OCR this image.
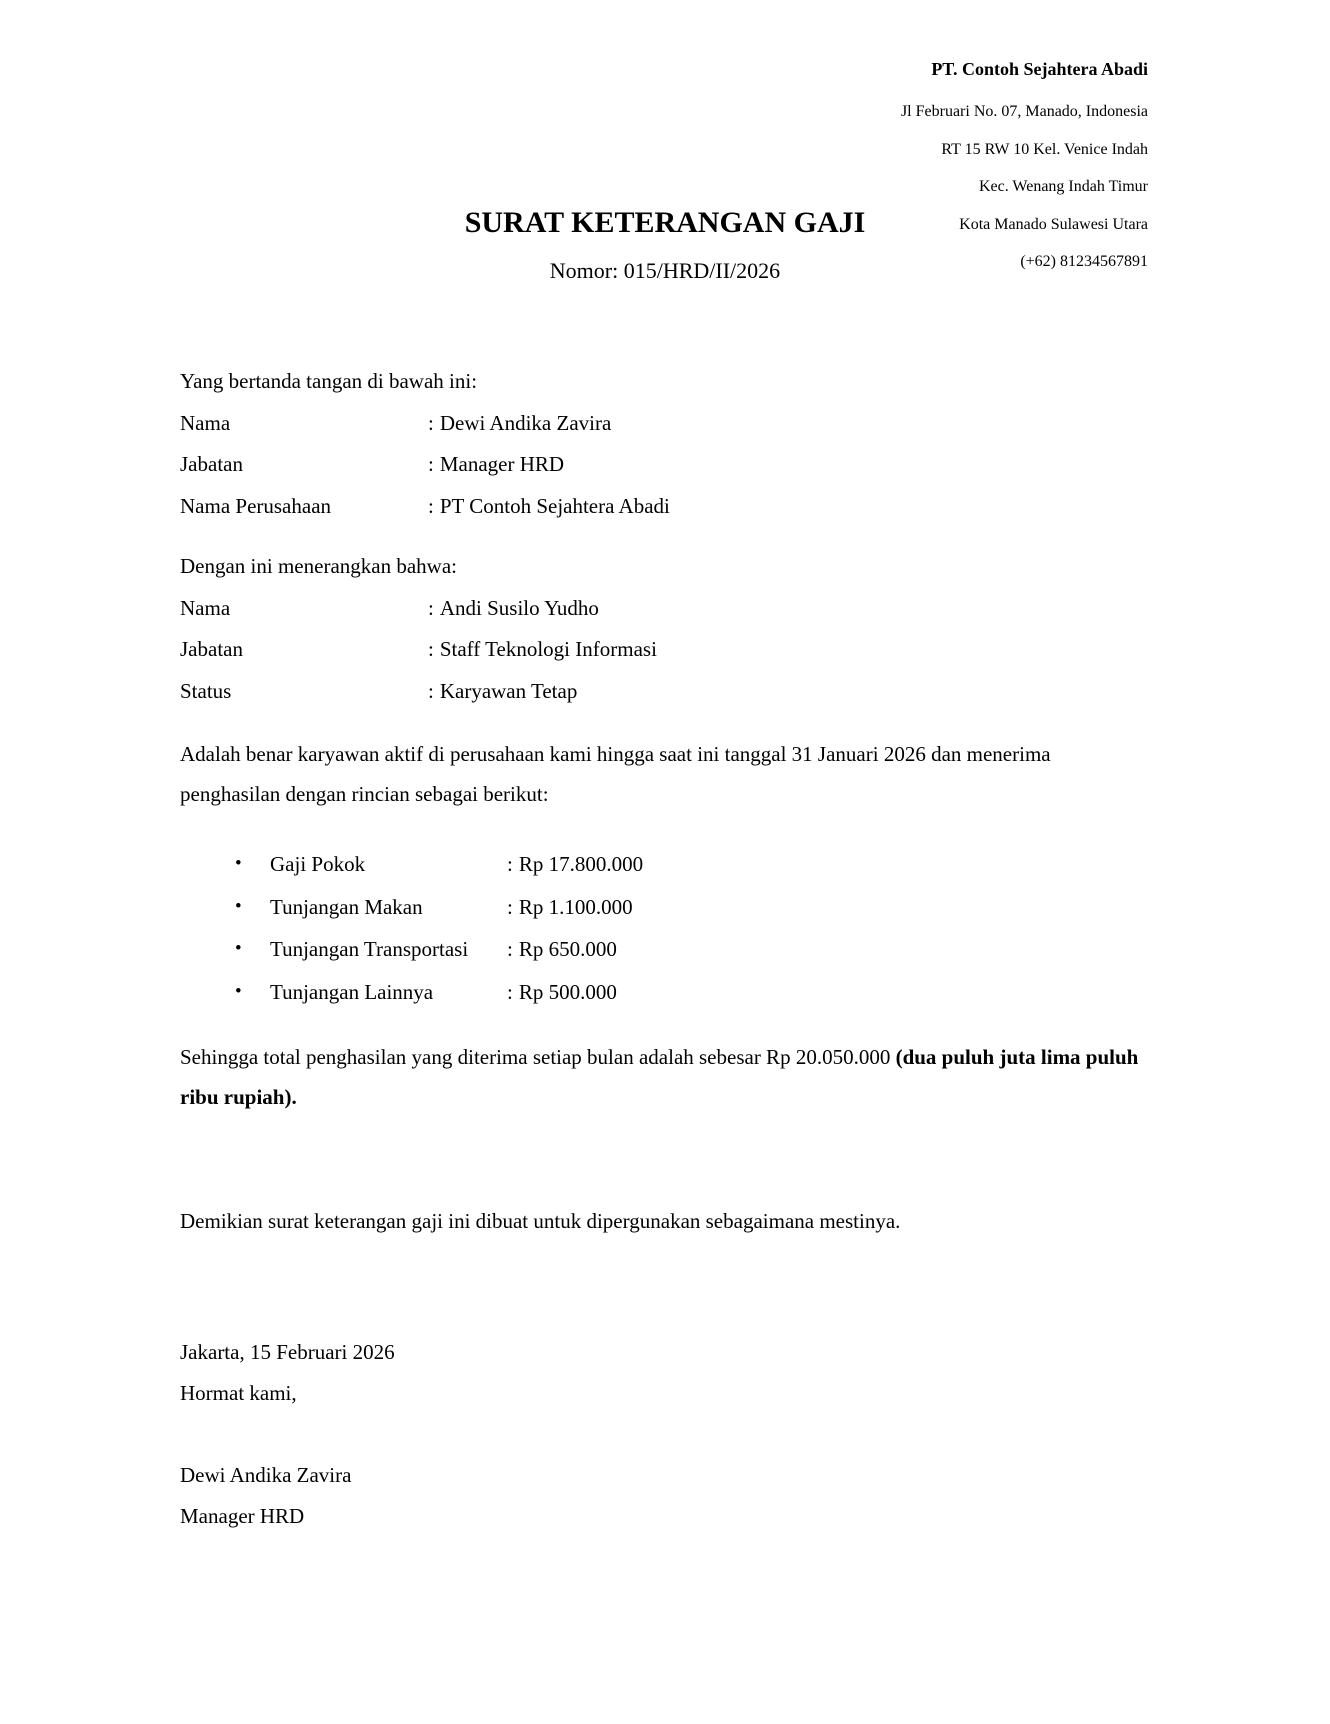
PT. Contoh Sejahtera Abadi
Jl Februari No. 07, Manado, Indonesia
RT 15 RW 10 Kel. Venice Indah
Kec. Wenang Indah Timur
Kota Manado Sulawesi Utara
(+62) 81234567891
SURAT KETERANGAN GAJI
Nomor: 015/HRD/II/2026
Yang bertanda tangan di bawah ini:
Nama	: Dewi Andika Zavira
Jabatan	: Manager HRD
Nama Perusahaan	: PT Contoh Sejahtera Abadi
Dengan ini menerangkan bahwa:
Nama	: Andi Susilo Yudho
Jabatan	: Staff Teknologi Informasi
Status	: Karyawan Tetap
Adalah benar karyawan aktif di perusahaan kami hingga saat ini tanggal 31 Januari 2026 dan menerima penghasilan dengan rincian sebagai berikut:
•	Gaji Pokok	: Rp 17.800.000
•	Tunjangan Makan	: Rp 1.100.000
•	Tunjangan Transportasi	: Rp 650.000
•	Tunjangan Lainnya	: Rp 500.000
Sehingga total penghasilan yang diterima setiap bulan adalah sebesar Rp 20.050.000 (dua puluh juta lima puluh ribu rupiah).
Demikian surat keterangan gaji ini dibuat untuk dipergunakan sebagaimana mestinya.
Jakarta, 15 Februari 2026
Hormat kami,
Dewi Andika Zavira
Manager HRD
